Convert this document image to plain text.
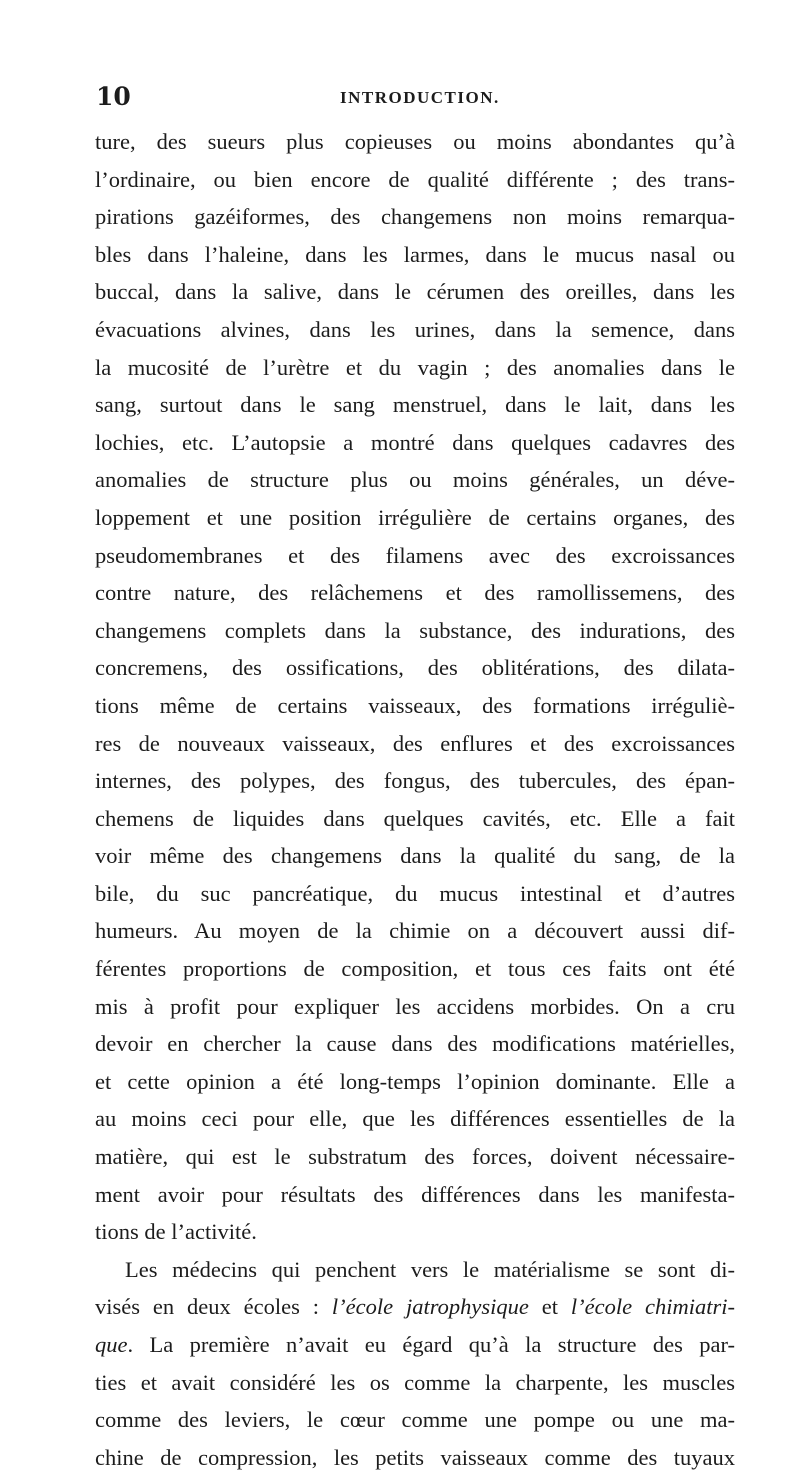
10	INTRODUCTION.
ture, des sueurs plus copieuses ou moins abondantes qu’à
l’ordinaire, ou bien encore de qualité différente ; des trans-
pirations gazéiformes, des changemens non moins remarqua-
bles dans l’haleine, dans les larmes, dans le mucus nasal ou
buccal, dans la salive, dans le cérumen des oreilles, dans les
évacuations alvines, dans les urines, dans la semence, dans
la mucosité de l’urètre et du vagin ; des anomalies dans le
sang, surtout dans le sang menstruel, dans le lait, dans les
lochies, etc. L’autopsie a montré dans quelques cadavres des
anomalies de structure plus ou moins générales, un déve-
loppement et une position irrégulière de certains organes, des
pseudomembranes et des filamens avec des excroissances
contre nature, des relâchemens et des ramollissemens, des
changemens complets dans la substance, des indurations, des
concremens, des ossifications, des oblitérations, des dilata-
tions même de certains vaisseaux, des formations irréguliè-
res de nouveaux vaisseaux, des enflures et des excroissances
internes, des polypes, des fongus, des tubercules, des épan-
chemens de liquides dans quelques cavités, etc. Elle a fait
voir même des changemens dans la qualité du sang, de la
bile, du suc pancréatique, du mucus intestinal et d’autres
humeurs. Au moyen de la chimie on a découvert aussi dif-
férentes proportions de composition, et tous ces faits ont été
mis à profit pour expliquer les accidens morbides. On a cru
devoir en chercher la cause dans des modifications matérielles,
et cette opinion a été long-temps l’opinion dominante. Elle a
au moins ceci pour elle, que les différences essentielles de la
matière, qui est le substratum des forces, doivent nécessaire-
ment avoir pour résultats des différences dans les manifesta-
tions de l’activité.
Les médecins qui penchent vers le matérialisme se sont di-
visés en deux écoles : l’école jatrophysique et l’école chimiatri-
que. La première n’avait eu égard qu’à la structure des par-
ties et avait considéré les os comme la charpente, les muscles
comme des leviers, le cœur comme une pompe ou une ma-
chine de compression, les petits vaisseaux comme des tuyaux
